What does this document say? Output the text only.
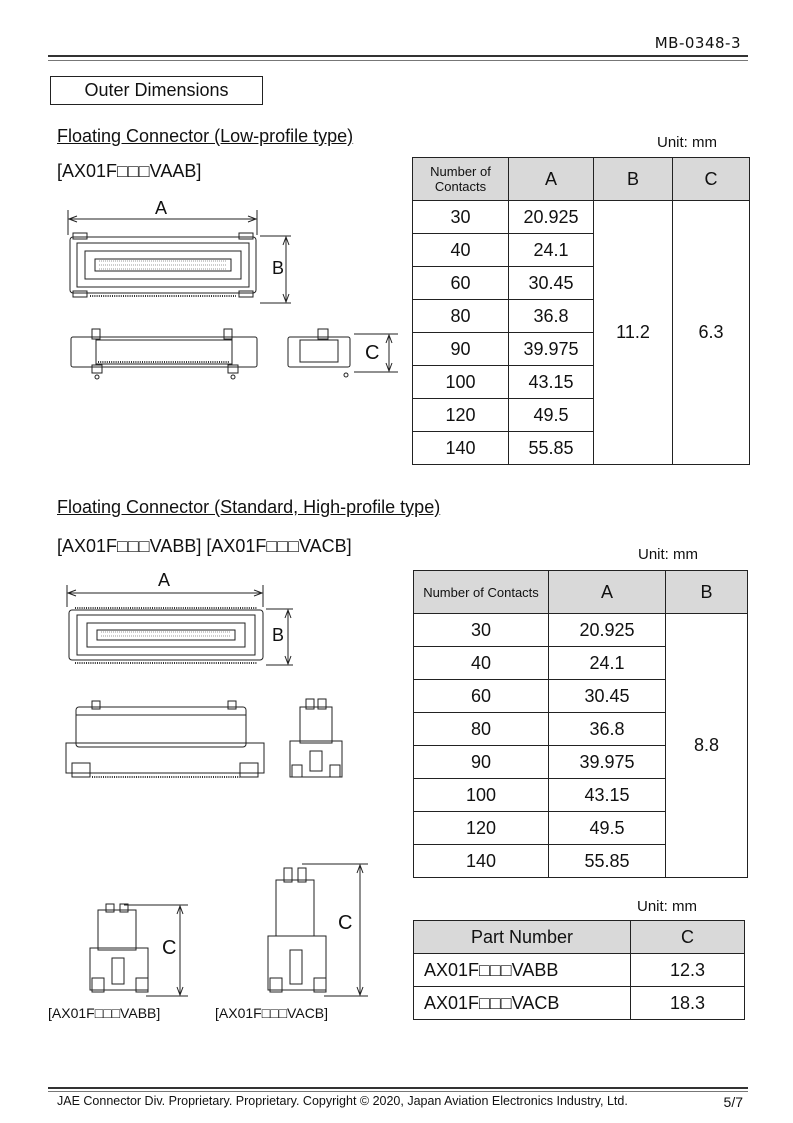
MB-0348-3
Outer Dimensions
Floating Connector (Low-profile type)
[AX01F□□□VAAB]
Unit: mm
Number of Contacts	A	B	C
30	20.925	11.2	6.3
40	24.1		
60	30.45		
80	36.8		
90	39.975		
100	43.15		
120	49.5		
140	55.85		
A
B
C
Floating Connector (Standard, High-profile type)
[AX01F□□□VABB] [AX01F□□□VACB]	Unit: mm
Number of Contacts	A	B
30	20.925	8.8
40	24.1	
60	30.45	
80	36.8	
90	39.975	
100	43.15	
120	49.5	
140	55.85	
A
B
C
C
[AX01F□□□VABB]	[AX01F□□□VACB]
Unit: mm
Part Number	C
AX01F□□□VABB	12.3
AX01F□□□VACB	18.3
JAE Connector Div. Proprietary. Proprietary. Copyright © 2020, Japan Aviation Electronics Industry, Ltd.	5/7
